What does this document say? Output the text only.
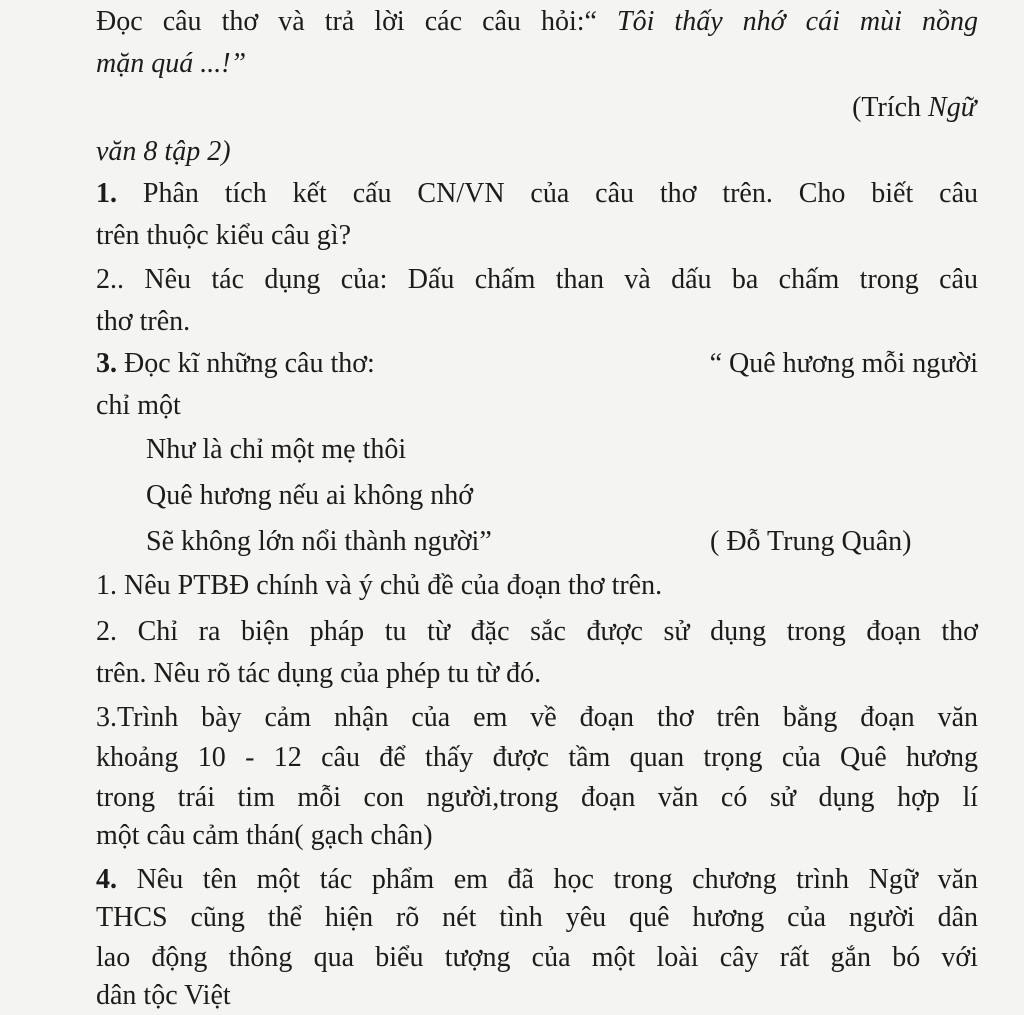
Đọc câu thơ và trả lời các câu hỏi:“ Tôi thấy nhớ cái mùi nồng
mặn quá ...!”
(Trích Ngữ
văn 8 tập 2)
1. Phân tích kết cấu CN/VN của câu thơ trên. Cho biết câu
trên thuộc kiểu câu gì?
2.. Nêu tác dụng của: Dấu chấm than và dấu ba chấm trong câu
thơ trên.
3. Đọc kĩ những câu thơ:	“ Quê hương mỗi người
chỉ một
Như là chỉ một mẹ thôi
Quê hương nếu ai không nhớ
Sẽ không lớn nổi thành người”	( Đỗ Trung Quân)
1. Nêu PTBĐ chính và ý chủ đề của đoạn thơ trên.
2. Chỉ ra biện pháp tu từ đặc sắc được sử dụng trong đoạn thơ
trên. Nêu rõ tác dụng của phép tu từ đó.
3.Trình bày cảm nhận của em về đoạn thơ trên bằng đoạn văn
khoảng 10 - 12 câu để thấy được tầm quan trọng của Quê hương
trong trái tim mỗi con người,trong đoạn văn có sử dụng hợp lí
một câu cảm thán( gạch chân)
4. Nêu tên một tác phẩm em đã học trong chương trình Ngữ văn
THCS cũng thể hiện rõ nét tình yêu quê hương của người dân
lao động thông qua biểu tượng của một loài cây rất gắn bó với
dân tộc Việt
